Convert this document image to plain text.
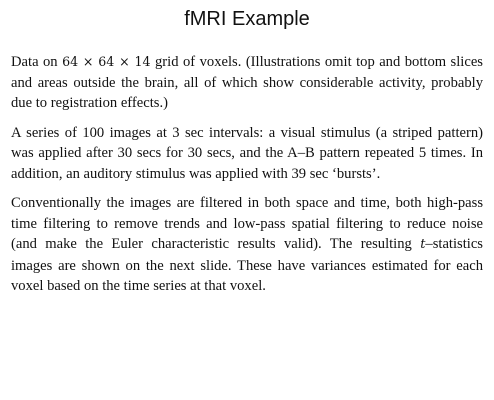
fMRI Example

Data on 64 × 64 × 14 grid of voxels. (Illustrations omit top and bottom slices and areas outside the brain, all of which show considerable activity, probably due to registration effects.)

A series of 100 images at 3 sec intervals: a visual stimulus (a striped pattern) was applied after 30 secs for 30 secs, and the A–B pattern repeated 5 times. In addition, an auditory stimulus was applied with 39 sec ‘bursts’.

Conventionally the images are filtered in both space and time, both high-pass time filtering to remove trends and low-pass spatial filtering to reduce noise (and make the Euler characteristic results valid). The resulting t–statistics images are shown on the next slide. These have variances estimated for each voxel based on the time series at that voxel.
